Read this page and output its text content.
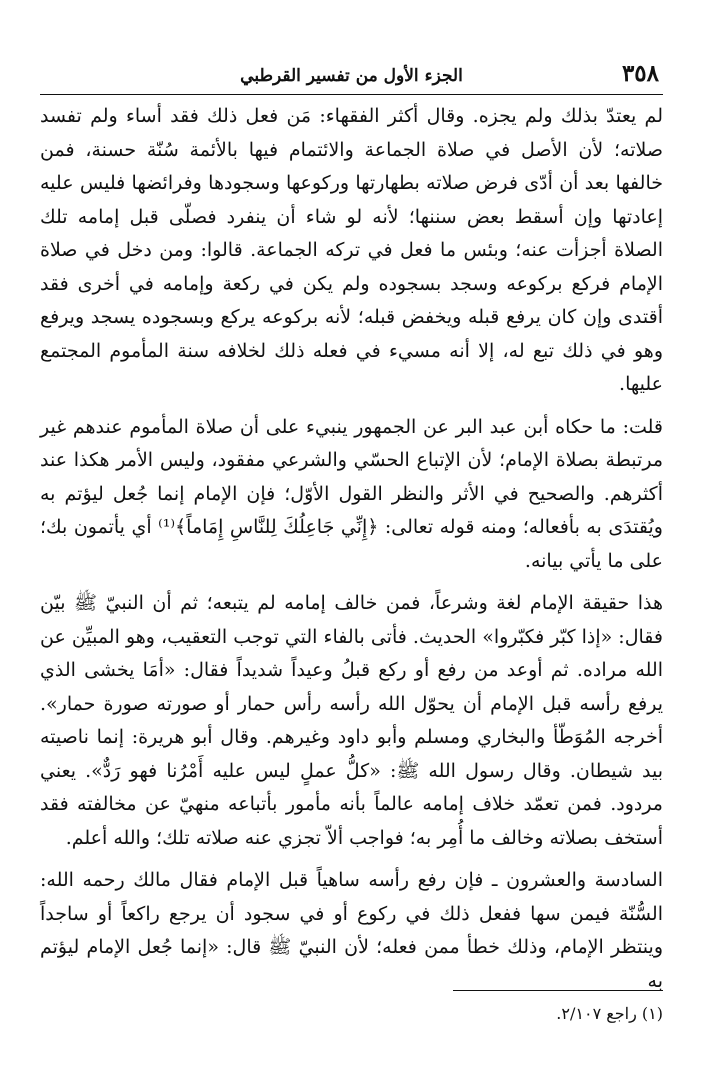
٣٥٨
الجزء الأول من تفسير القرطبي

لم يعتدّ بذلك ولم يجزه. وقال أكثر الفقهاء: مَن فعل ذلك فقد أساء ولم تفسد صلاته؛ لأن الأصل في صلاة الجماعة والائتمام فيها بالأئمة سُنّة حسنة، فمن خالفها بعد أن أدّى فرض صلاته بطهارتها وركوعها وسجودها وفرائضها فليس عليه إعادتها وإن أسقط بعض سننها؛ لأنه لو شاء أن ينفرد فصلّى قبل إمامه تلك الصلاة أجزأت عنه؛ وبئس ما فعل في تركه الجماعة. قالوا: ومن دخل في صلاة الإمام فركع بركوعه وسجد بسجوده ولم يكن في ركعة وإمامه في أخرى فقد أقتدى وإن كان يرفع قبله ويخفض قبله؛ لأنه بركوعه يركع وبسجوده يسجد ويرفع وهو في ذلك تبع له، إلا أنه مسيء في فعله ذلك لخلافه سنة المأموم المجتمع عليها.

قلت: ما حكاه أبن عبد البر عن الجمهور ينبيء على أن صلاة المأموم عندهم غير مرتبطة بصلاة الإمام؛ لأن الإتباع الحسّي والشرعي مفقود، وليس الأمر هكذا عند أكثرهم. والصحيح في الأثر والنظر القول الأوّل؛ فإن الإمام إنما جُعل ليؤتم به ويُقتدَى به بأفعاله؛ ومنه قوله تعالى: ﴿إِنِّي جَاعِلُكَ لِلنَّاسِ إِمَاماً﴾⁽¹⁾ أي يأتمون بك؛ على ما يأتي بيانه.

هذا حقيقة الإمام لغة وشرعاً، فمن خالف إمامه لم يتبعه؛ ثم أن النبيّ ﷺ بيّن فقال: «إذا كبّر فكبّروا» الحديث. فأتى بالفاء التي توجب التعقيب، وهو المبيِّن عن الله مراده. ثم أوعد من رفع أو ركع قبلُ وعيداً شديداً فقال: «أمَا يخشى الذي يرفع رأسه قبل الإمام أن يحوّل الله رأسه رأس حمار أو صورته صورة حمار». أخرجه المُوَطّأ والبخاري ومسلم وأبو داود وغيرهم. وقال أبو هريرة: إنما ناصيته بيد شيطان. وقال رسول الله ﷺ: «كلُّ عملٍ ليس عليه أَمْرُنا فهو رَدٌّ». يعني مردود. فمن تعمّد خلاف إمامه عالماً بأنه مأمور بأتباعه منهيّ عن مخالفته فقد أستخف بصلاته وخالف ما أُمِر به؛ فواجب ألاّ تجزي عنه صلاته تلك؛ والله أعلم.

السادسة والعشرون ـ فإن رفع رأسه ساهياً قبل الإمام فقال مالك رحمه الله: السُّنّة فيمن سها ففعل ذلك في ركوع أو في سجود أن يرجع راكعاً أو ساجداً وينتظر الإمام، وذلك خطأ ممن فعله؛ لأن النبيّ ﷺ قال: «إنما جُعل الإمام ليؤتم به

(١) راجع ٢/١٠٧.
